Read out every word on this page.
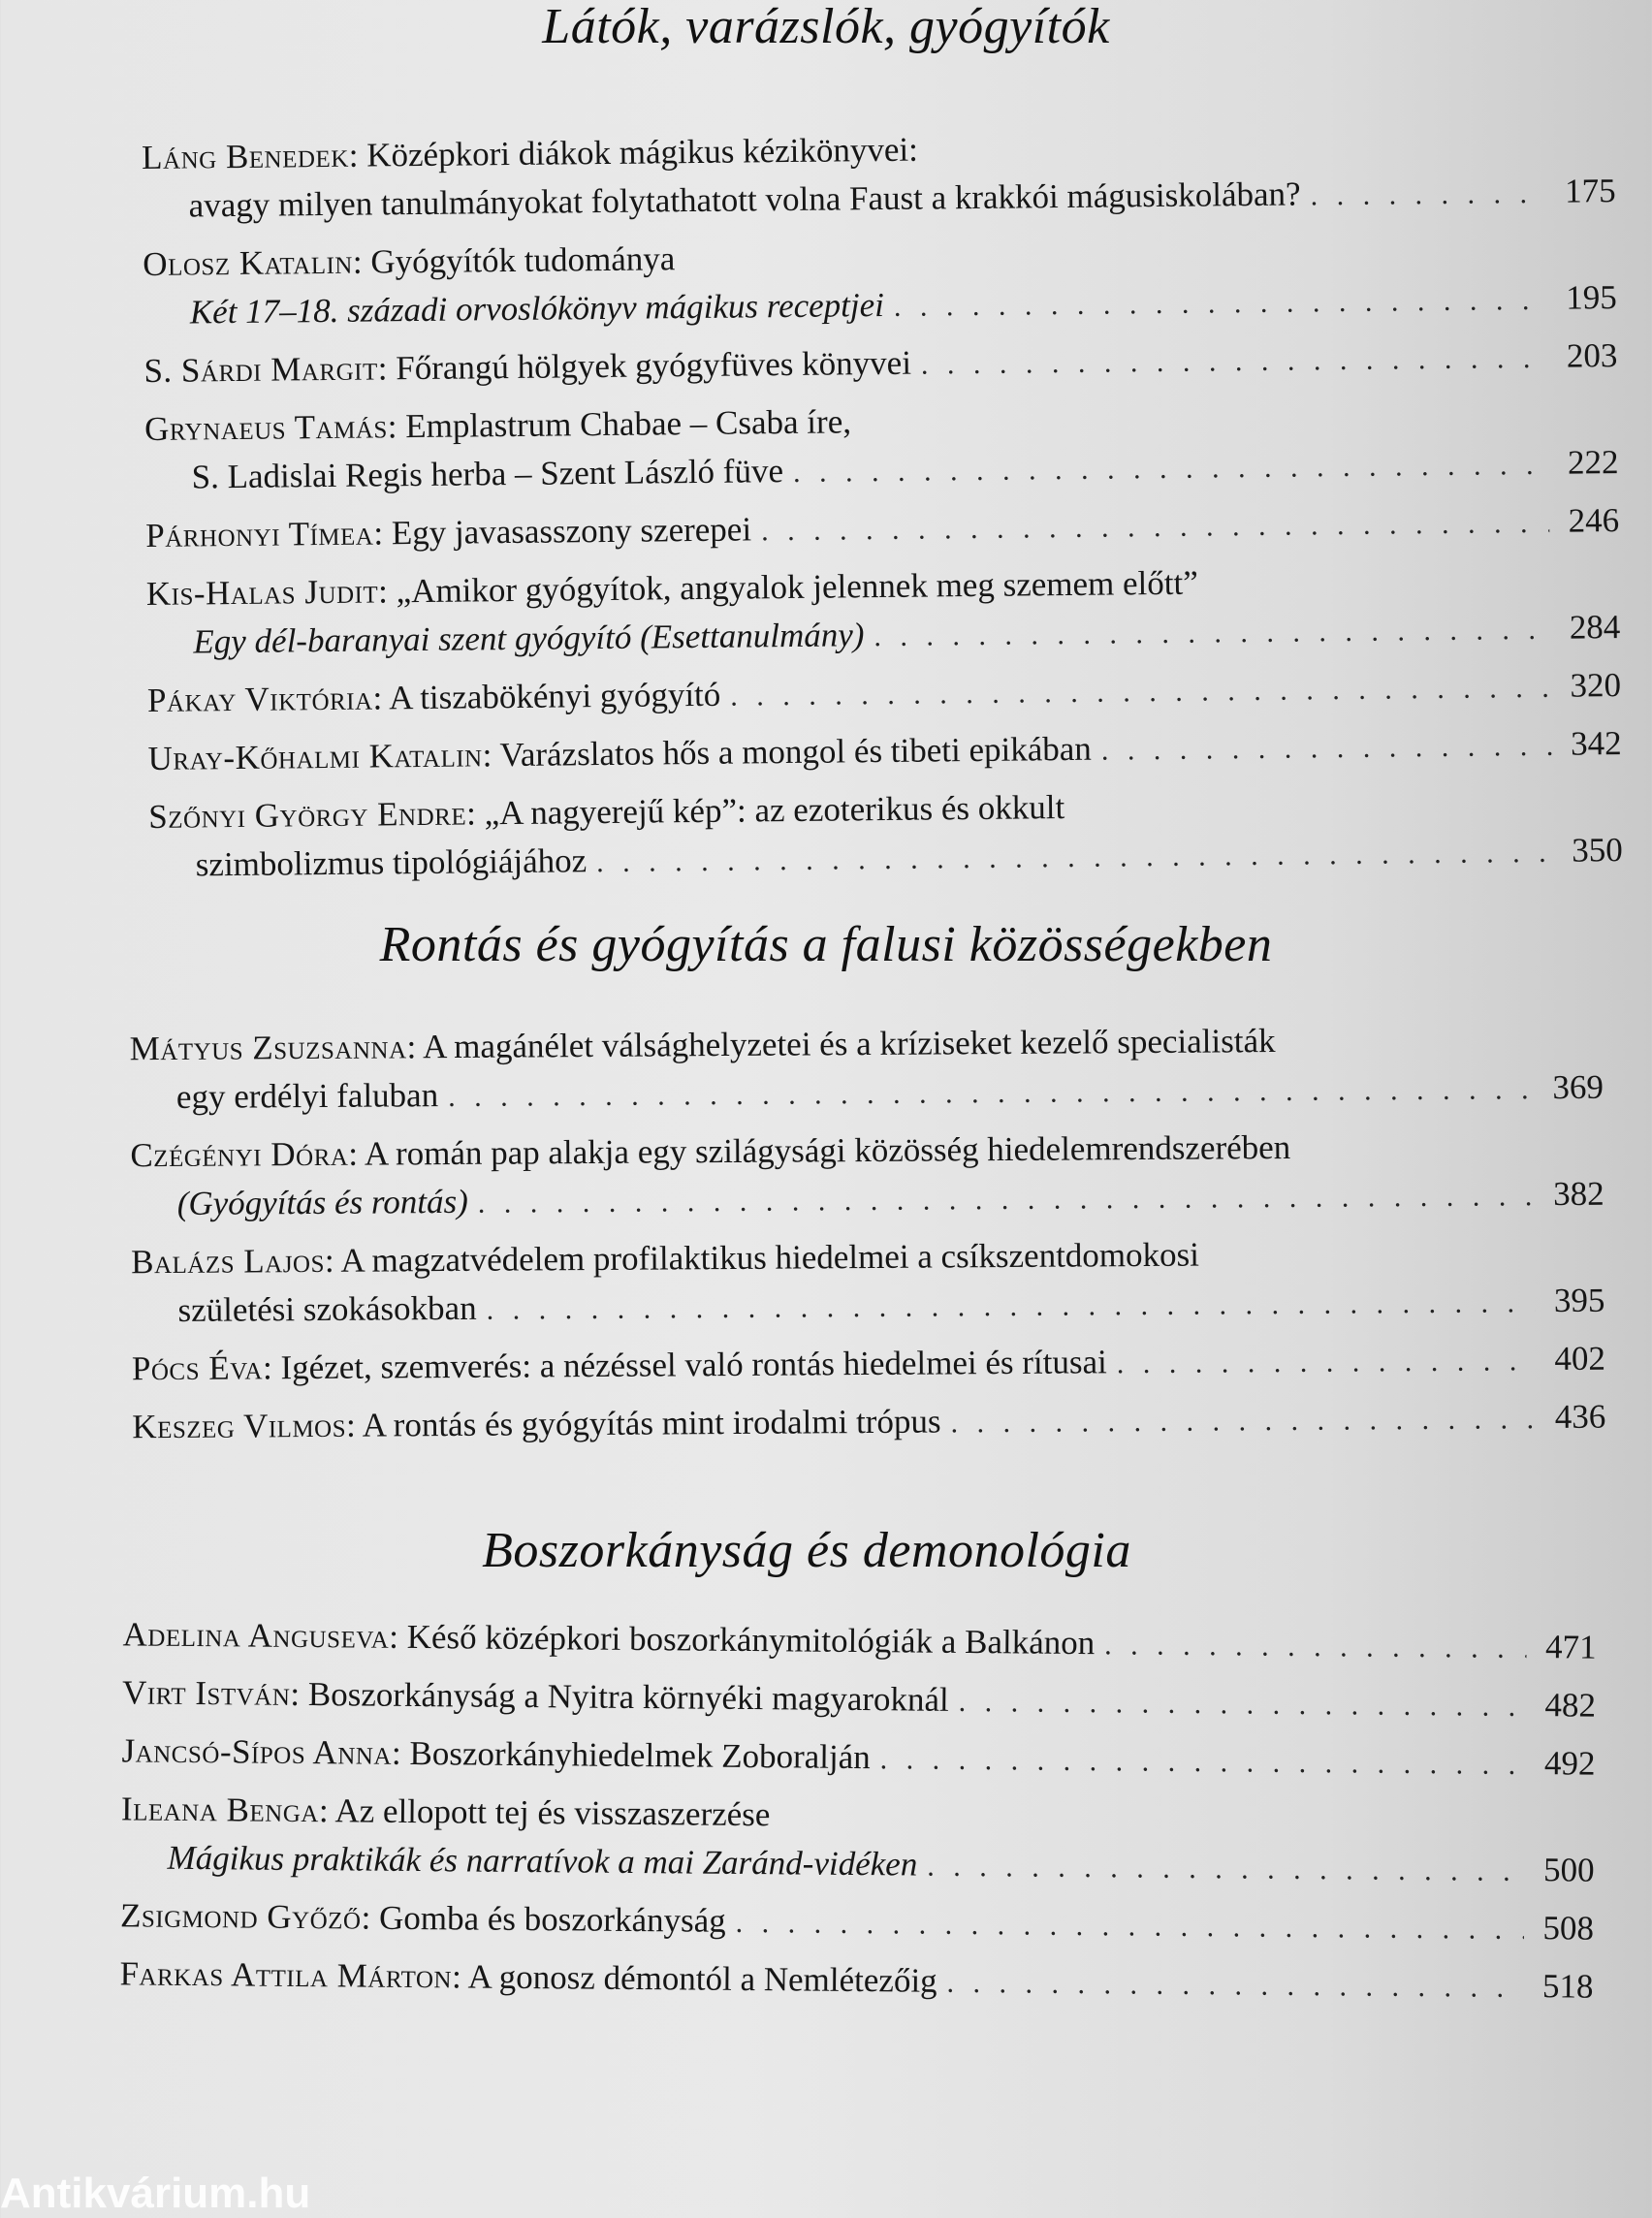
Látók, varázslók, gyógyítók
Láng Benedek: Középkori diákok mágikus kézikönyvei:
avagy milyen tanulmányokat folytathatott volna Faust a krakkói mágusiskolában? . . .	175
Olosz Katalin: Gyógyítók tudománya
Két 17–18. századi orvoslókönyv mágikus receptjei . . .	195
S. Sárdi Margit: Főrangú hölgyek gyógyfüves könyvei . . .	203
Grynaeus Tamás: Emplastrum Chabae – Csaba íre,
S. Ladislai Regis herba – Szent László füve . . .	222
Párhonyi Tímea: Egy javasasszony szerepei . . .	246
Kis-Halas Judit: „Amikor gyógyítok, angyalok jelennek meg szemem előtt”
Egy dél-baranyai szent gyógyító (Esettanulmány) . . .	284
Pákay Viktória: A tiszabökényi gyógyító . . .	320
Uray-Kőhalmi Katalin: Varázslatos hős a mongol és tibeti epikában . . .	342
Szőnyi György Endre: „A nagyerejű kép”: az ezoterikus és okkult
szimbolizmus tipológiájához . . .	350
Rontás és gyógyítás a falusi közösségekben
Mátyus Zsuzsanna: A magánélet válsághelyzetei és a kríziseket kezelő specialisták
egy erdélyi faluban . . .	369
Czégényi Dóra: A román pap alakja egy szilágysági közösség hiedelemrendszerében
(Gyógyítás és rontás) . . .	382
Balázs Lajos: A magzatvédelem profilaktikus hiedelmei a csíkszentdomokosi
születési szokásokban . . .	395
Pócs Éva: Igézet, szemverés: a nézéssel való rontás hiedelmei és rítusai . . .	402
Keszeg Vilmos: A rontás és gyógyítás mint irodalmi trópus . . .	436
Boszorkányság és demonológia
Adelina Anguseva: Késő középkori boszorkánymitológiák a Balkánon . . .	471
Virt István: Boszorkányság a Nyitra környéki magyaroknál . . .	482
Jancsó-Sípos Anna: Boszorkányhiedelmek Zoboralján . . .	492
Ileana Benga: Az ellopott tej és visszaszerzése
Mágikus praktikák és narratívok a mai Zaránd-vidéken . . .	500
Zsigmond Győző: Gomba és boszorkányság . . .	508
Farkas Attila Márton: A gonosz démontól a Nemlétezőig . . .	518
Antikvárium.hu
